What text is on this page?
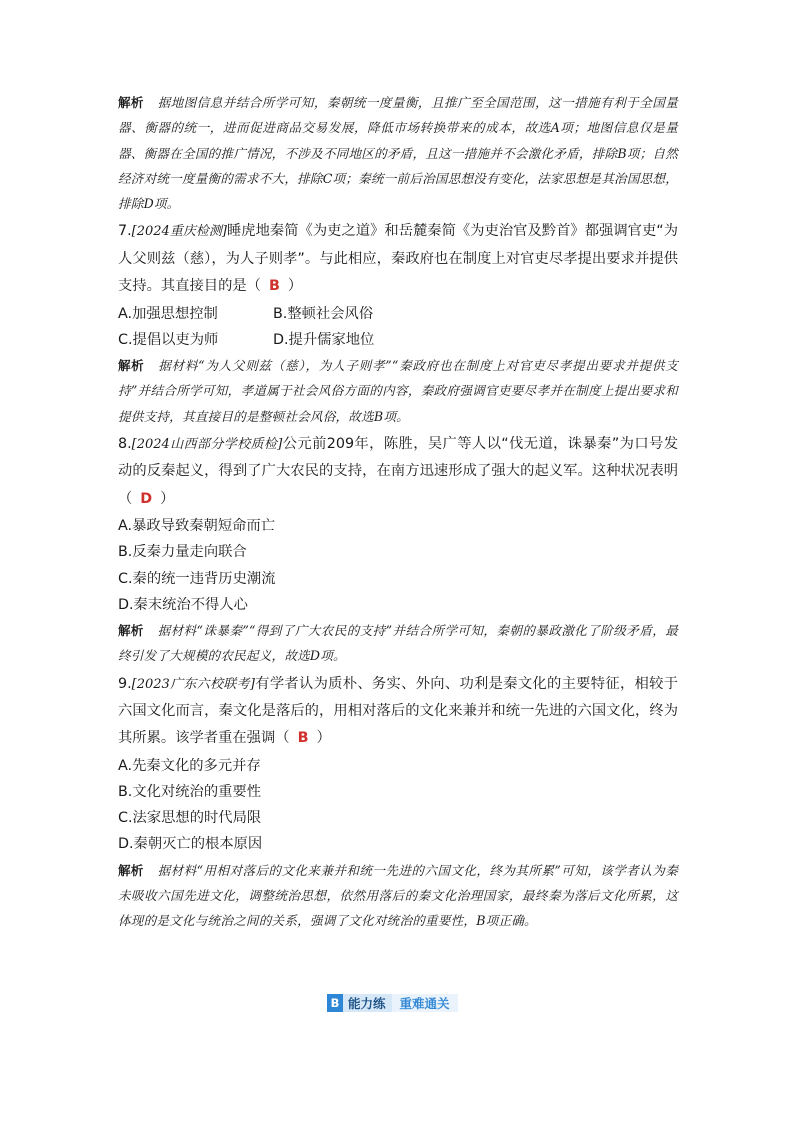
解析 据地图信息并结合所学可知，秦朝统一度量衡，且推广至全国范围，这一措施有利于全国量器、衡器的统一，进而促进商品交易发展，降低市场转换带来的成本，故选A项；地图信息仅是量器、衡器在全国的推广情况，不涉及不同地区的矛盾，且这一措施并不会激化矛盾，排除B项；自然经济对统一度量衡的需求不大，排除C项；秦统一前后治国思想没有变化，法家思想是其治国思想，排除D项。

7.[2024重庆检测]睡虎地秦简《为吏之道》和岳麓秦简《为吏治官及黔首》都强调官吏“为人父则兹（慈），为人子则孝”。与此相应，秦政府也在制度上对官吏尽孝提出要求并提供支持。其直接目的是（ B ）

A.加强思想控制	B.整顿社会风俗
C.提倡以吏为师	D.提升儒家地位

解析 据材料“为人父则兹（慈），为人子则孝”“秦政府也在制度上对官吏尽孝提出要求并提供支持”并结合所学可知，孝道属于社会风俗方面的内容，秦政府强调官吏要尽孝并在制度上提出要求和提供支持，其直接目的是整顿社会风俗，故选B项。

8.[2024山西部分学校质检]公元前209年，陈胜，吴广等人以“伐无道，诛暴秦”为口号发动的反秦起义，得到了广大农民的支持，在南方迅速形成了强大的起义军。这种状况表明（ D ）

A.暴政导致秦朝短命而亡
B.反秦力量走向联合
C.秦的统一违背历史潮流
D.秦末统治不得人心

解析 据材料“诛暴秦”“得到了广大农民的支持”并结合所学可知，秦朝的暴政激化了阶级矛盾，最终引发了大规模的农民起义，故选D项。

9.[2023广东六校联考]有学者认为质朴、务实、外向、功利是秦文化的主要特征，相较于六国文化而言，秦文化是落后的，用相对落后的文化来兼并和统一先进的六国文化，终为其所累。该学者重在强调（ B ）

A.先秦文化的多元并存
B.文化对统治的重要性
C.法家思想的时代局限
D.秦朝灭亡的根本原因

解析 据材料“用相对落后的文化来兼并和统一先进的六国文化，终为其所累”可知，该学者认为秦未吸收六国先进文化，调整统治思想，依然用落后的秦文化治理国家，最终秦为落后文化所累，这体现的是文化与统治之间的关系，强调了文化对统治的重要性，B项正确。

B 能力练	重难通关
